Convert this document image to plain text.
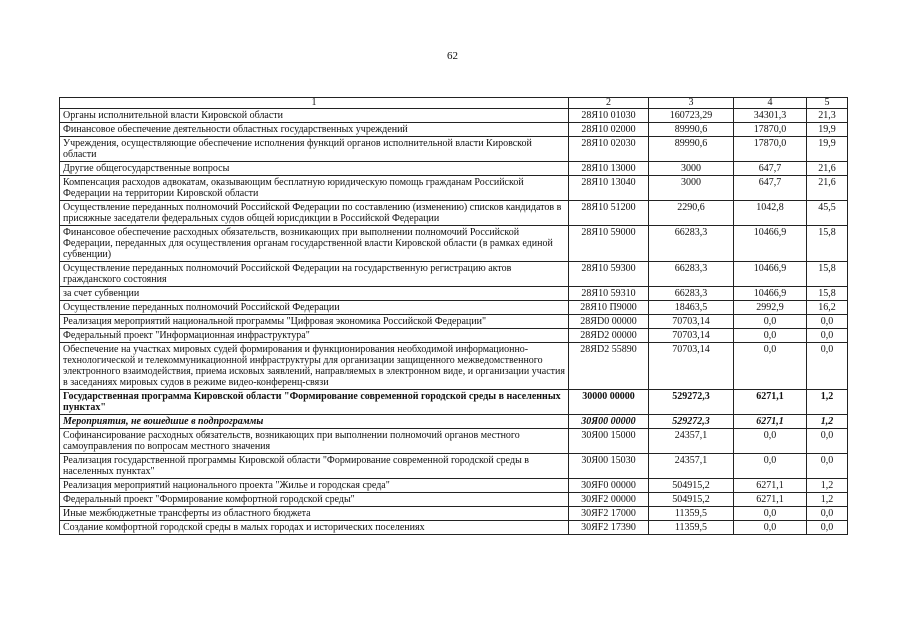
62
1	2	3	4	5
Органы исполнительной власти Кировской области	28Я10 01030	160723,29	34301,3	21,3
Финансовое обеспечение деятельности областных государственных учреждений	28Я10 02000	89990,6	17870,0	19,9
Учреждения, осуществляющие обеспечение исполнения функций органов исполнительной власти Кировской области	28Я10 02030	89990,6	17870,0	19,9
Другие общегосударственные вопросы	28Я10 13000	3000	647,7	21,6
Компенсация расходов адвокатам, оказывающим бесплатную юридическую помощь гражданам Российской Федерации на территории Кировской области	28Я10 13040	3000	647,7	21,6
Осуществление переданных полномочий Российской Федерации по составлению (изменению) списков кандидатов в присяжные заседатели федеральных судов общей юрисдикции в Российской Федерации	28Я10 51200	2290,6	1042,8	45,5
Финансовое обеспечение расходных обязательств, возникающих при выполнении полномочий Российской Федерации, переданных для осуществления органам государственной власти Кировской области (в рамках единой субвенции)	28Я10 59000	66283,3	10466,9	15,8
Осуществление переданных полномочий Российской Федерации на государственную регистрацию актов гражданского состояния	28Я10 59300	66283,3	10466,9	15,8
за счет субвенции	28Я10 59310	66283,3	10466,9	15,8
Осуществление переданных полномочий Российской Федерации	28Я10 П9000	18463,5	2992,9	16,2
Реализация мероприятий национальной программы "Цифровая экономика Российской Федерации"	28ЯD0 00000	70703,14	0,0	0,0
Федеральный проект "Информационная инфраструктура"	28ЯD2 00000	70703,14	0,0	0,0
Обеспечение на участках мировых судей формирования и функционирования необходимой информационно-технологической и телекоммуникационной инфраструктуры для организации защищенного межведомственного электронного взаимодействия, приема исковых заявлений, направляемых в электронном виде, и организации участия в заседаниях мировых судов в режиме видео-конференц-связи	28ЯD2 55890	70703,14	0,0	0,0
Государственная программа Кировской области "Формирование современной городской среды в населенных пунктах"	30000 00000	529272,3	6271,1	1,2
Мероприятия, не вошедшие в подпрограммы	30Я00 00000	529272,3	6271,1	1,2
Софинансирование расходных обязательств, возникающих при выполнении полномочий органов местного самоуправления по вопросам местного значения	30Я00 15000	24357,1	0,0	0,0
Реализация государственной программы Кировской области "Формирование современной городской среды в населенных пунктах"	30Я00 15030	24357,1	0,0	0,0
Реализация мероприятий национального проекта "Жилье и городская среда"	30ЯF0 00000	504915,2	6271,1	1,2
Федеральный проект "Формирование комфортной городской среды"	30ЯF2 00000	504915,2	6271,1	1,2
Иные межбюджетные трансферты из областного бюджета	30ЯF2 17000	11359,5	0,0	0,0
Создание комфортной городской среды в малых городах и исторических поселениях	30ЯF2 17390	11359,5	0,0	0,0
